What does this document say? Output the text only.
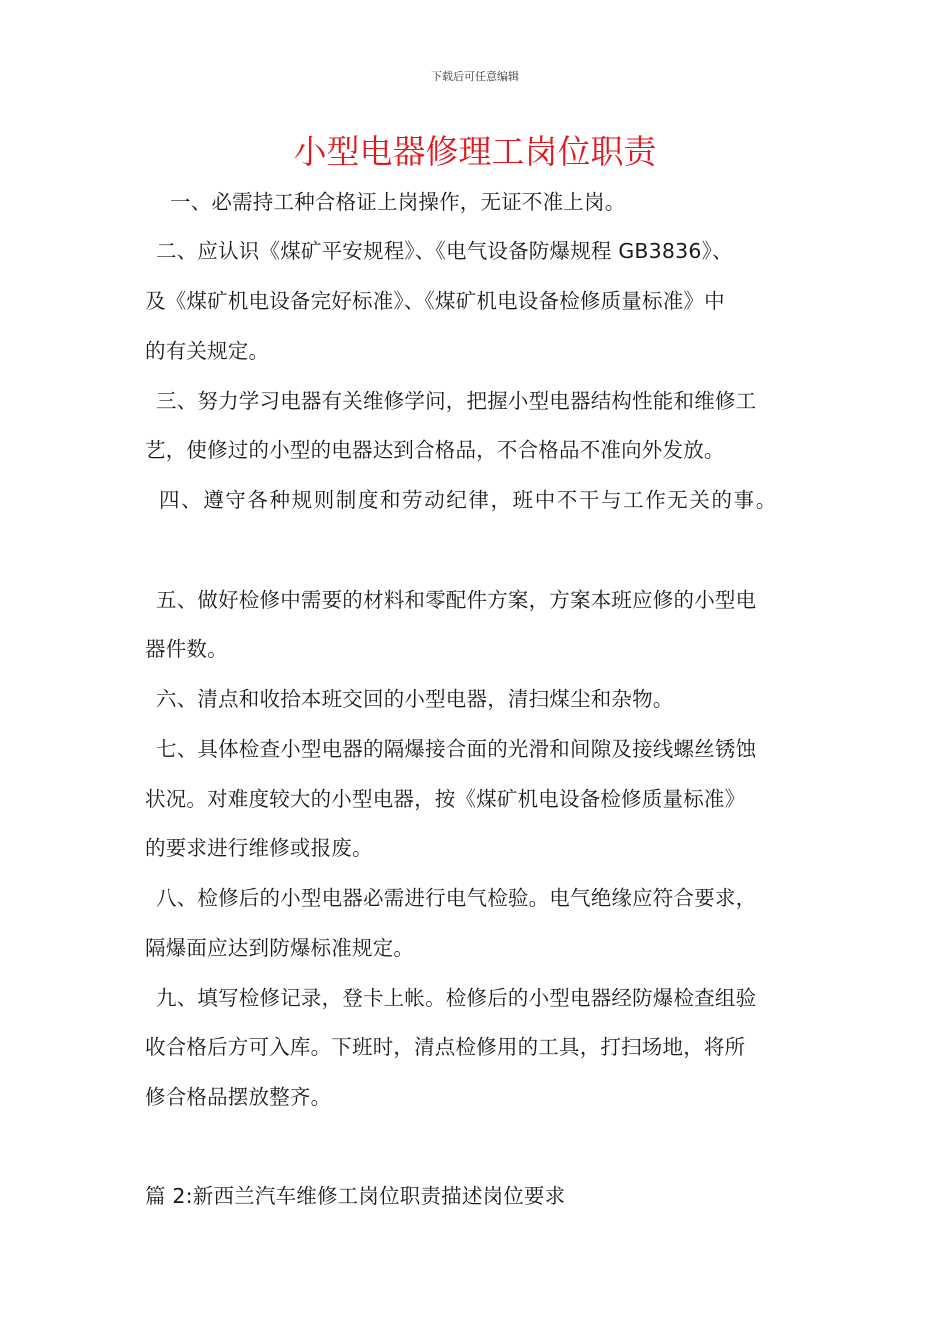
下载后可任意编辑
小型电器修理工岗位职责
一、必需持工种合格证上岗操作，无证不准上岗。
二、应认识《煤矿平安规程》、《电气设备防爆规程 GB3836》、
及《煤矿机电设备完好标准》、《煤矿机电设备检修质量标准》中
的有关规定。
三、努力学习电器有关维修学问，把握小型电器结构性能和维修工
艺，使修过的小型的电器达到合格品，不合格品不准向外发放。
四、遵守各种规则制度和劳动纪律，班中不干与工作无关的事。
五、做好检修中需要的材料和零配件方案，方案本班应修的小型电
器件数。
六、清点和收拾本班交回的小型电器，清扫煤尘和杂物。
七、具体检查小型电器的隔爆接合面的光滑和间隙及接线螺丝锈蚀
状况。对难度较大的小型电器，按《煤矿机电设备检修质量标准》
的要求进行维修或报废。
八、检修后的小型电器必需进行电气检验。电气绝缘应符合要求，
隔爆面应达到防爆标准规定。
九、填写检修记录，登卡上帐。检修后的小型电器经防爆检查组验
收合格后方可入库。下班时，清点检修用的工具，打扫场地，将所
修合格品摆放整齐。
篇 2:新西兰汽车维修工岗位职责描述岗位要求
